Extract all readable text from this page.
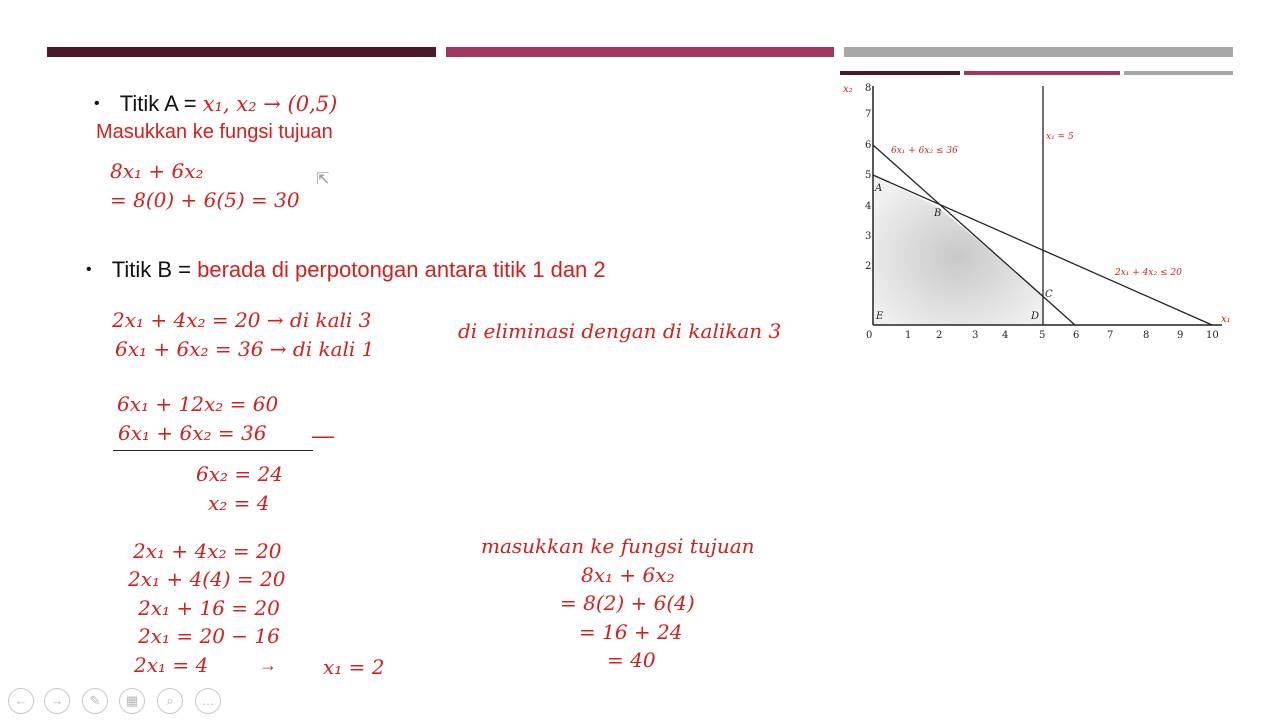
• Titik A = x₁, x₂ → (0,5)
Masukkan ke fungsi tujuan
8x₁ + 6x₂
= 8(0) + 6(5) = 30
⇱
• Titik B = berada di perpotongan antara titik 1 dan 2
2x₁ + 4x₂ = 20 → di kali 3
6x₁ + 6x₂ = 36 → di kali 1
di eliminasi dengan di kalikan 3
6x₁ + 12x₂ = 60
6x₁ + 6x₂ = 36 —
6x₂ = 24
x₂ = 4
2x₁ + 4x₂ = 20
2x₁ + 4(4) = 20
2x₁ + 16 = 20
2x₁ = 20 − 16
2x₁ = 4	→ x₁ = 2
masukkan ke fungsi tujuan
8x₁ + 6x₂
= 8(2) + 6(4)
= 16 + 24
= 40
x₂
x₁
0	1 2	3 4	5	6	7	8	9 10
2
3
4
5
6
7
8
6x₁ + 6x₂ ≤ 36
2x₁ + 4x₂ ≤ 20
x₁ = 5
A
B
C
D
E
←	→	✎	▦	⌕	…
